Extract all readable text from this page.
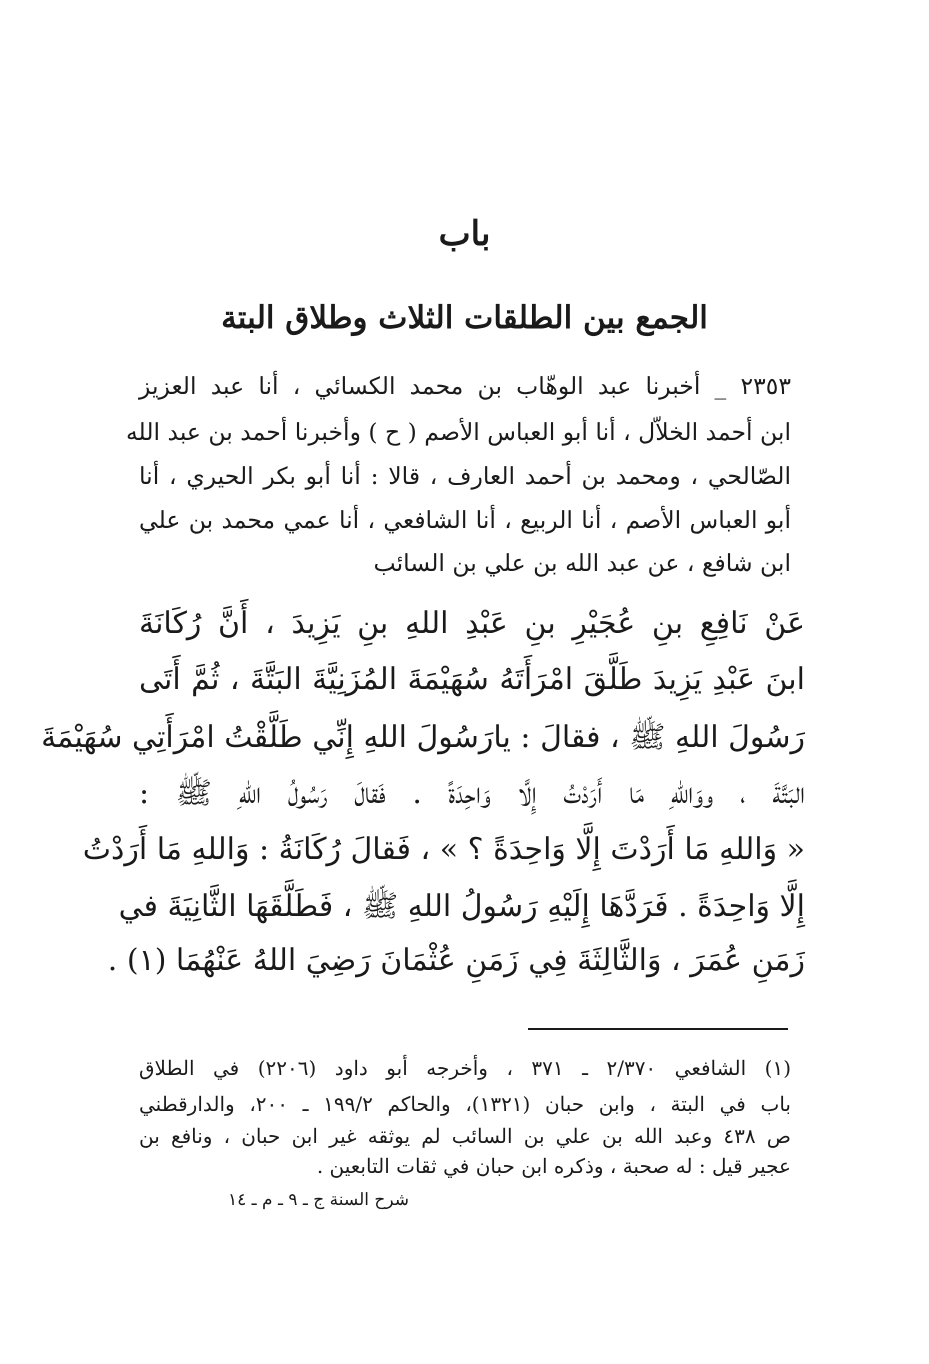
باب
الجمع بين الطلقات الثلاث وطلاق البتة
٢٣٥٣ _ أخبرنا عبد الوهّاب بن محمد الكسائي ، أنا عبد العزيز
ابن أحمد الخلاّل ، أنا أبو العباس الأصم ( ح ) وأخبرنا أحمد بن عبد الله
الصّالحي ، ومحمد بن أحمد العارف ، قالا : أنا أبو بكر الحيري ، أنا
أبو العباس الأصم ، أنا الربيع ، أنا الشافعي ، أنا عمي محمد بن علي
ابن شافع ، عن عبد الله بن علي بن السائب
عَنْ نَافِعِ بنِ عُجَيْرِ بنِ عَبْدِ اللهِ بنِ يَزِيدَ ، أَنَّ رُكَانَةَ
ابنَ عَبْدِ يَزِيدَ طَلَّقَ امْرَأَتَهُ سُهَيْمَةَ المُزَنِيَّةَ البَتَّةَ ، ثُمَّ أَتَى
رَسُولَ اللهِ ﷺ ، فقالَ : يارَسُولَ اللهِ إِنِّي طَلَّقْتُ امْرَأَتِي سُهَيْمَةَ
البَتَّةَ ، ووَاللهِ مَا أَرَدْتُ إِلَّا وَاحِدَةً . فَقالَ رَسُولُ اللهِ ﷺ :
« وَاللهِ مَا أَرَدْتَ إِلَّا وَاحِدَةً ؟ » ، فَقالَ رُكَانَةُ : وَاللهِ مَا أَرَدْتُ
إِلَّا وَاحِدَةً . فَرَدَّهَا إِلَيْهِ رَسُولُ اللهِ ﷺ ، فَطَلَّقَهَا الثَّانِيَةَ في
زَمَنِ عُمَرَ ، وَالثَّالِثَةَ فِي زَمَنِ عُثْمَانَ رَضِيَ اللهُ عَنْهُمَا (١) .
(١) الشافعي ٢/٣٧٠ ـ ٣٧١ ، وأخرجه أبو داود (٢٢٠٦) في الطلاق
باب في البتة ، وابن حبان (١٣٢١)، والحاكم ١٩٩/٢ ـ ٢٠٠، والدارقطني
ص ٤٣٨ وعبد الله بن علي بن السائب لم يوثقه غير ابن حبان ، ونافع بن
عجير قيل : له صحبة ، وذكره ابن حبان في ثقات التابعين .
شرح السنة ج ـ ٩ ـ م ـ ١٤
